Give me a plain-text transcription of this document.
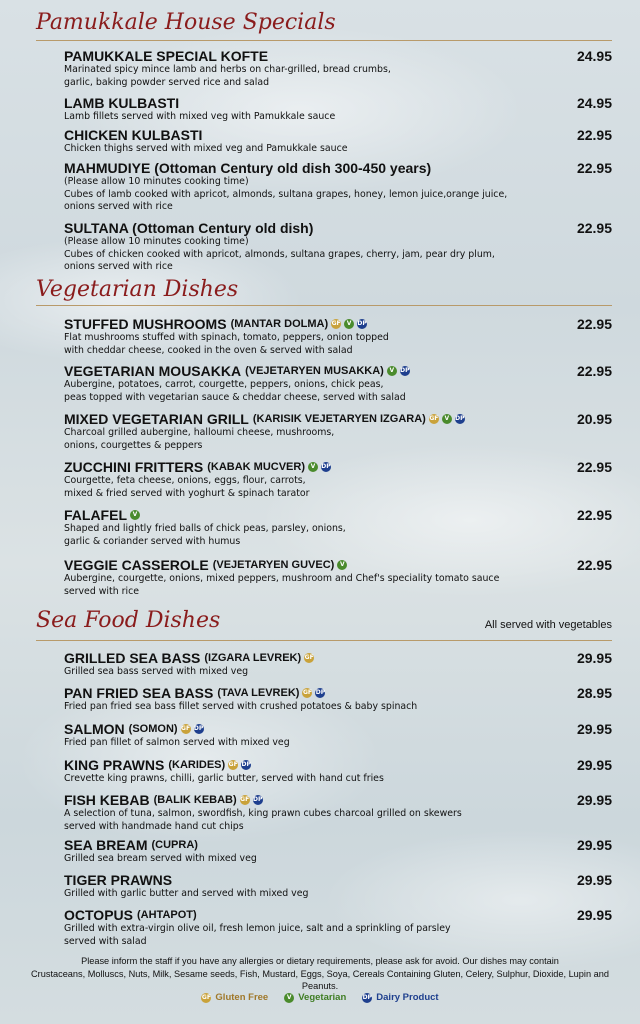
Pamukkale House Specials
Vegetarian Dishes
Sea Food Dishes	All served with vegetables
PAMUKKALE SPECIAL KOFTE	24.95
Marinated spicy mince lamb and herbs on char-grilled, bread crumbs,
garlic, baking powder served rice and salad
LAMB KULBASTI	24.95
Lamb fillets served with mixed veg with Pamukkale sauce
CHICKEN KULBASTI	22.95
Chicken thighs served with mixed veg and Pamukkale sauce
MAHMUDIYE (Ottoman Century old dish 300-450 years)	22.95
(Please allow 10 minutes cooking time)
Cubes of lamb cooked with apricot, almonds, sultana grapes, honey, lemon juice,orange juice,
onions served with rice
SULTANA (Ottoman Century old dish)	22.95
(Please allow 10 minutes cooking time)
Cubes of chicken cooked with apricot, almonds, sultana grapes, cherry, jam, pear dry plum,
onions served with rice
STUFFED MUSHROOMS (MANTAR DOLMA) GF	V DP	22.95
Flat mushrooms stuffed with spinach, tomato, peppers, onion topped
with cheddar cheese, cooked in the oven & served with salad
VEGETARIAN MOUSAKKA (VEJETARYEN MUSAKKA) V DP	22.95
Aubergine, potatoes, carrot, courgette, peppers, onions, chick peas,
peas topped with vegetarian sauce & cheddar cheese, served with salad
MIXED VEGETARIAN GRILL (KARISIK VEJETARYEN IZGARA) GF	V DP	20.95
Charcoal grilled aubergine, halloumi cheese, mushrooms,
onions, courgettes & peppers
ZUCCHINI FRITTERS (KABAK MUCVER) V DP	22.95
Courgette, feta cheese, onions, eggs, flour, carrots,
mixed & fried served with yoghurt & spinach tarator
FALAFEL V	22.95
Shaped and lightly fried balls of chick peas, parsley, onions,
garlic & coriander served with humus
VEGGIE CASSEROLE (VEJETARYEN GUVEC) V	22.95
Aubergine, courgette, onions, mixed peppers, mushroom and Chef's speciality tomato sauce
served with rice
GRILLED SEA BASS (IZGARA LEVREK) GF	29.95
Grilled sea bass served with mixed veg
PAN FRIED SEA BASS (TAVA LEVREK) GF DP	28.95
Fried pan fried sea bass fillet served with crushed potatoes & baby spinach
SALMON (SOMON) GF DP	29.95
Fried pan fillet of salmon served with mixed veg
KING PRAWNS (KARIDES) GF DP	29.95
Crevette king prawns, chilli, garlic butter, served with hand cut fries
FISH KEBAB (BALIK KEBAB) GF DP	29.95
A selection of tuna, salmon, swordfish, king prawn cubes charcoal grilled on skewers
served with handmade hand cut chips
SEA BREAM (CUPRA)	29.95
Grilled sea bream served with mixed veg
TIGER PRAWNS	29.95
Grilled with garlic butter and served with mixed veg
OCTOPUS (AHTAPOT)	29.95
Grilled with extra-virgin olive oil, fresh lemon juice, salt and a sprinkling of parsley
served with salad
Please inform the staff if you have any allergies or dietary requirements, please ask for avoid. Our dishes may contain
Crustaceans, Molluscs, Nuts, Milk, Sesame seeds, Fish, Mustard, Eggs, Soya, Cereals Containing Gluten, Celery, Sulphur, Dioxide, Lupin and Peanuts.
GF Gluten Free	V Vegetarian	DP Dairy Product
